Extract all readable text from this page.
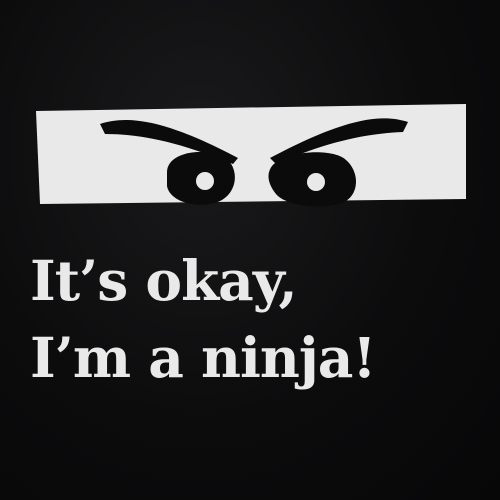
It’s okay,
I’m a ninja!
